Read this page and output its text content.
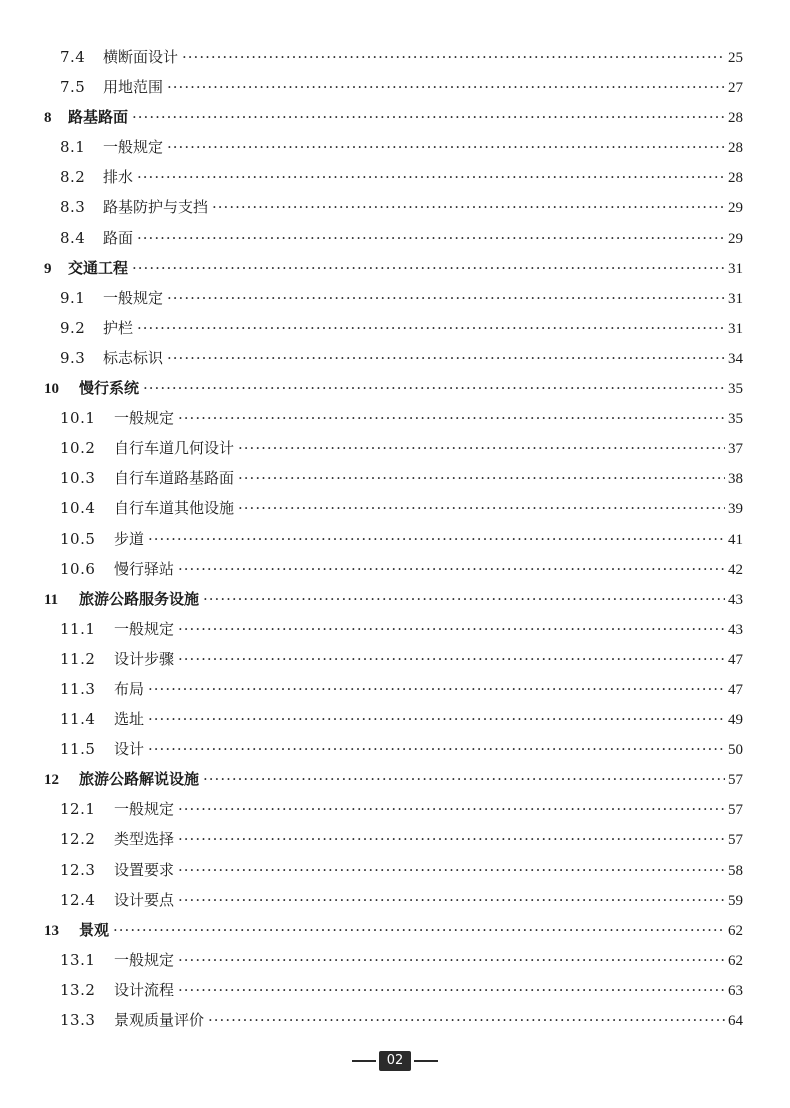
7.4	横断面设计 ·····	25
7.5	用地范围 ·····	27
8	路基路面 ·····	28
8.1	一般规定 ·····	28
8.2	排水 ·····	28
8.3	路基防护与支挡 ·····	29
8.4	路面 ·····	29
9	交通工程 ·····	31
9.1	一般规定 ·····	31
9.2	护栏 ·····	31
9.3	标志标识 ·····	34
10	慢行系统 ·····	35
10.1	一般规定 ·····	35
10.2	自行车道几何设计 ·····	37
10.3	自行车道路基路面 ·····	38
10.4	自行车道其他设施 ·····	39
10.5	步道 ·····	41
10.6	慢行驿站 ·····	42
11	旅游公路服务设施 ·····	43
11.1	一般规定 ·····	43
11.2	设计步骤 ·····	47
11.3	布局 ·····	47
11.4	选址 ·····	49
11.5	设计 ·····	50
12	旅游公路解说设施 ·····	57
12.1	一般规定 ·····	57
12.2	类型选择 ·····	57
12.3	设置要求 ·····	58
12.4	设计要点 ·····	59
13	景观 ·····	62
13.1	一般规定 ·····	62
13.2	设计流程 ·····	63
13.3	景观质量评价 ·····	64
02
